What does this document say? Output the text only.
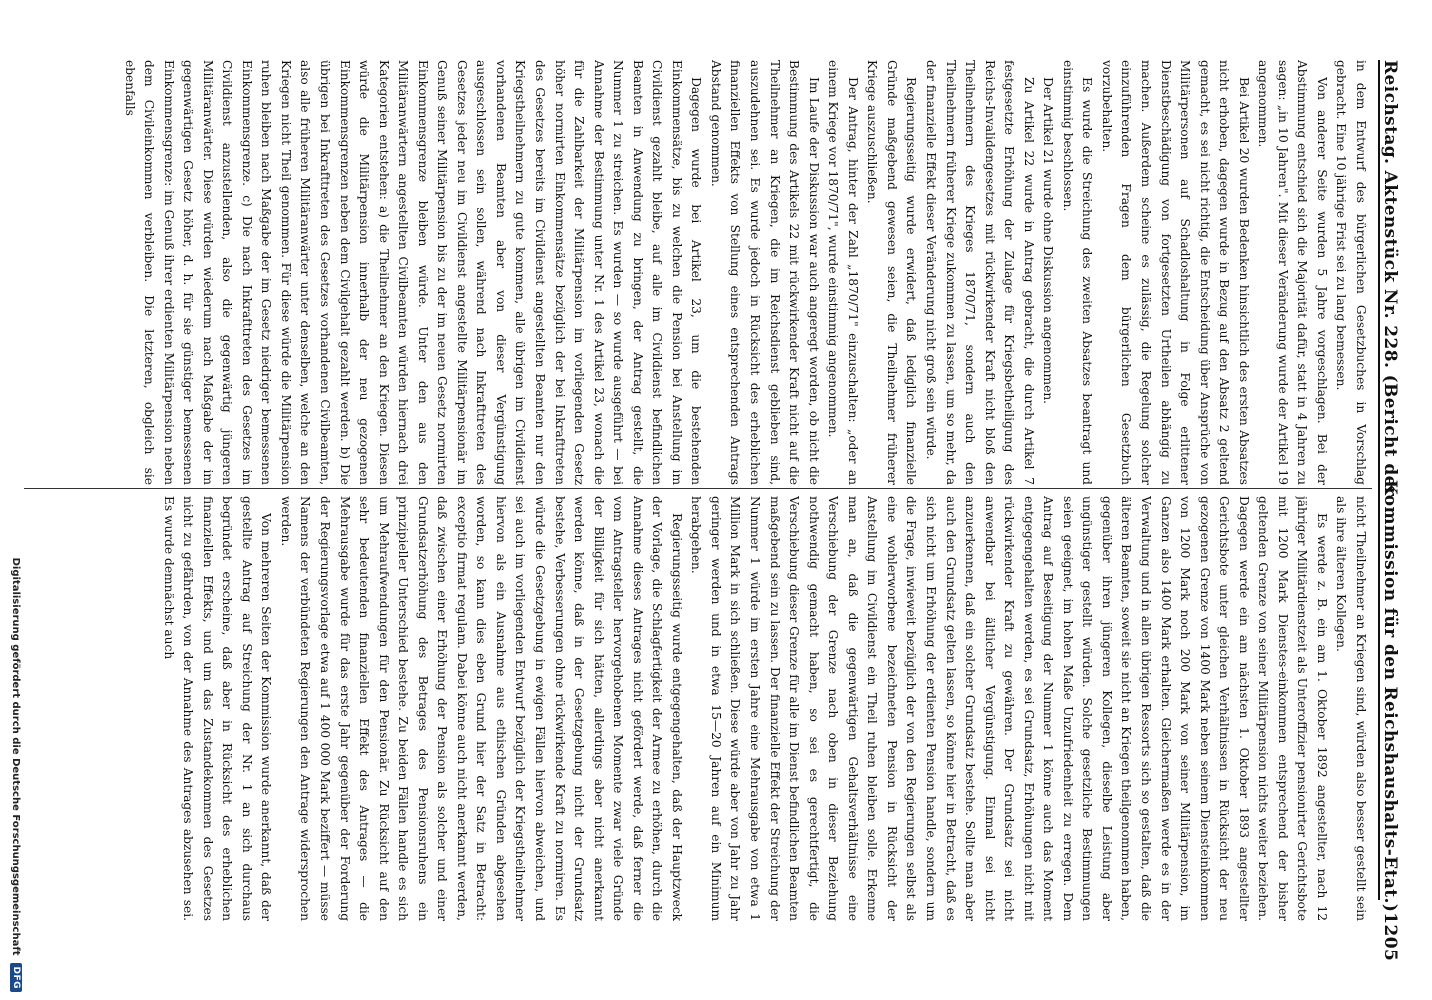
Reichstag. Aktenstück Nr. 228. (Bericht der
Kommission für den Reichshaushalts-Etat.)
1205

in dem Entwurf des bürgerlichen Gesetzbuches in Vorschlag gebracht. Eine 10 jährige Frist sei zu lang bemessen.

Von anderer Seite wurden 5 Jahre vorgeschlagen. Bei der Abstimmung entschied sich die Majorität dafür, statt in 4 Jahren zu sagen: „in 10 Jahren". Mit dieser Veränderung wurde der Artikel 19 angenommen.

Bei Artikel 20 wurden Bedenken hinsichtlich des ersten Absatzes nicht erhoben, dagegen wurde in Bezug auf den Absatz 2 geltend gemacht, es sei nicht richtig, die Entscheidung über Ansprüche von Militärpersonen auf Schadloshaltung in Folge erlittener Dienstbeschädigung von fortgesetzten Urtheilen abhängig zu machen. Außerdem scheine es zulässig, die Regelung solcher einzuführenden Fragen dem bürgerlichen Gesetzbuch vorzubehalten.

Es wurde die Streichung des zweiten Absatzes beantragt und einstimmig beschlossen.

Der Artikel 21 wurde ohne Diskussion angenommen.

Zu Artikel 22 wurde in Antrag gebracht, die durch Artikel 7 festgesetzte Erhöhung der Zulage für Kriegsbetheiligung des Reichs-Invalidengesetzes mit rückwirkender Kraft nicht bloß den Theilnehmern des Krieges 1870/71, sondern auch den Theilnehmern früherer Kriege zukommen zu lassen, um so mehr, da der finanzielle Effekt dieser Veränderung nicht groß sein würde.

Regierungsseitig wurde erwidert, daß lediglich finanzielle Gründe maßgebend gewesen seien, die Theilnehmer früherer Kriege auszuschließen.

Der Antrag, hinter der Zahl „1870/71" einzuschalten: „oder an einem Kriege vor 1870/71", wurde einstimmig angenommen.

Im Laufe der Diskussion war auch angeregt worden, ob nicht die Bestimmung des Artikels 22 mit rückwirkender Kraft nicht auf die Theilnehmer an Kriegen, die im Reichsdienst geblieben sind, auszudehnen sei. Es wurde jedoch in Rücksicht des erheblichen finanziellen Effekts von Stellung eines entsprechenden Antrags Abstand genommen.

Dagegen wurde bei Artikel 23, um die bestehenden Einkommensätze, bis zu welchen die Pension bei Anstellung im Civildienst gezahlt bleibe, auf alle im Civildienst befindlichen Beamten in Anwendung zu bringen, der Antrag gestellt, die Nummer 1 zu streichen. Es wurden — so wurde ausgeführt — bei Annahme der Bestimmung unter Nr. 1 des Artikel 23, wonach die für die Zahlbarkeit der Militärpension im vorliegenden Gesetz höher normirten Einkommensätze bezüglich der bei Inkrafttreten des Gesetzes bereits im Civildienst angestellten Beamten nur den Kriegstheilnehmern zu gute kommen, alle übrigen im Civildienst vorhandenen Beamten aber von dieser Vergünstigung ausgeschlossen sein sollen, während nach Inkrafttreten des Gesetzes jeder neu im Civildienst angestellte Militärpensionär im Genuß seiner Militärpension bis zu der im neuen Gesetz normirten Einkommensgrenze bleiben würde. Unter den aus den Militäranwärtern angestellten Civilbeamten würden hiernach drei Kategorien entstehen: a) die Theilnehmer an den Kriegen. Diesen würde die Militärpension innerhalb der neu gezogenen Einkommensgrenzen neben dem Civilgehalt gezahlt werden. b) Die übrigen bei Inkrafttreten des Gesetzes vorhandenen Civilbeamten, also alle früheren Militäranwärter unter denselben, welche an den Kriegen nicht Theil genommen. Für diese würde die Militärpension ruhen bleiben nach Maßgabe der im Gesetz niedriger bemessenen Einkommensgrenze. c) Die nach Inkrafttreten des Gesetzes im Civildienst anzustellenden, also die gegenwärtig jüngeren Militäranwärter. Diese würden wiederum nach Maßgabe der im gegenwärtigen Gesetz höher, d. h. für sie günstiger bemessenen Einkommensgrenze: im Genuß ihrer erdienten Militärpension neben dem Civileinkommen verbleiben. Die letzteren, obgleich sie ebenfalls

nicht Theilnehmer an Kriegen sind, würden also besser gestellt sein als ihre älteren Kollegen.

Es werde z. B. ein am 1. Oktober 1892 angestellter, nach 12 jähriger Militärdienstzeit als Unteroffizier pensionirter Gerichtsbote mit 1200 Mark Dienstes-einkommen entsprechend der bisher geltenden Grenze von seiner Militärpension nichts weiter beziehen. Dagegen werde ein am nächsten 1. Oktober 1893 angestellter Gerichtsbote unter gleichen Verhältnissen in Rücksicht der neu gezogenen Grenze von 1400 Mark neben seinem Diensteinkommen von 1200 Mark noch 200 Mark von seiner Militärpension, im Ganzen also 1400 Mark erhalten. Gleichermaßen werde es in der Verwaltung und in allen übrigen Ressorts sich so gestalten, daß die älteren Beamten, soweit sie nicht an Kriegen theilgenommen haben, gegenüber ihren jüngeren Kollegen, dieselbe Leistung aber ungünstiger gestellt würden. Solche gesetzliche Bestimmungen seien geeignet, im hohen Maße Unzufriedenheit zu erregen. Dem Antrag auf Beseitigung der Nummer 1 könne auch das Moment entgegengehalten werden, es sei Grundsatz, Erhöhungen nicht mit rückwirkender Kraft zu gewähren. Der Grundsatz sei nicht anwendbar bei ältlicher Vergünstigung. Einmal sei nicht anzuerkennen, daß ein solcher Grundsatz bestehe. Sollte man aber auch den Grundsatz gelten lassen, so könne hier in Betracht, daß es sich nicht um Erhöhung der erdienten Pension handle, sondern um die Frage, inwieweit bezüglich der von den Regierungen selbst als eine wohlerworbene bezeichneten Pension in Rücksicht der Anstellung im Civildienst ein Theil ruhen bleiben solle. Erkenne man an, daß die gegenwärtigen Gehaltsverhältnisse eine Verschiebung der Grenze nach oben in dieser Beziehung nothwendig gemacht haben, so sei es gerechtfertigt, die Verschiebung dieser Grenze für alle im Dienst befindlichen Beamten maßgebend sein zu lassen. Der finanzielle Effekt der Streichung der Nummer 1 würde im ersten Jahre eine Mehrausgabe von etwa 1 Million Mark in sich schließen. Diese würde aber von Jahr zu Jahr geringer werden und in etwa 15—20 Jahren auf ein Minimum herabgehen.

Regierungsseitig wurde entgegengehalten, daß der Hauptzweck der Vorlage, die Schlagfertigkeit der Armee zu erhöhen, durch die Annahme dieses Antrages nicht gefördert werde, daß ferner die vom Antragsteller hervorgehobenen Momente zwar viele Gründe der Billigkeit für sich hätten, allerdings aber nicht anerkannt werden könne, daß in der Gesetzgebung nicht der Grundsatz bestehe, Verbesserungen ohne rückwirkende Kraft zu normiren. Es würde die Gesetzgebung in ewigen Fällen hiervon abweichen, und sei auch im vorliegenden Entwurf bezüglich der Kriegstheilnehmer hiervon als ein Ausnahme aus ethischen Gründen abgesehen worden, so kann dies eben Grund hier der Satz in Betracht: exceptio firmat regulam. Dabei könne auch nicht anerkannt werden, daß zwischen einer Erhöhung der Pension als solcher und einer Grundsatzerhöhung des Betrages des Pensionsruhens ein prinzipieller Unterschied bestehe. Zu beiden Fällen handle es sich um Mehraufwendungen für den Pensionär. Zu Rücksicht auf den sehr bedeutenden finanziellen Effekt des Antrages — die Mehrausgabe wurde für das erste Jahr gegenüber der Forderung der Regierungsvorlage etwa auf 1 400 000 Mark beziffert — müsse Namens der verbündeten Regierungen den Antrage widersprochen werden.

Von mehreren Seiten der Kommission wurde anerkannt, daß der gestellte Antrag auf Streichung der Nr. 1 an sich durchaus begründet erscheine, daß aber in Rücksicht des erheblichen finanziellen Effekts, und um das Zustandekommen des Gesetzes nicht zu gefährden, von der Annahme des Antrages abzusehen sei. Es wurde demnächst auch

Digitalisierung gefördert durch die Deutsche Forschungsgemeinschaft
DFG
